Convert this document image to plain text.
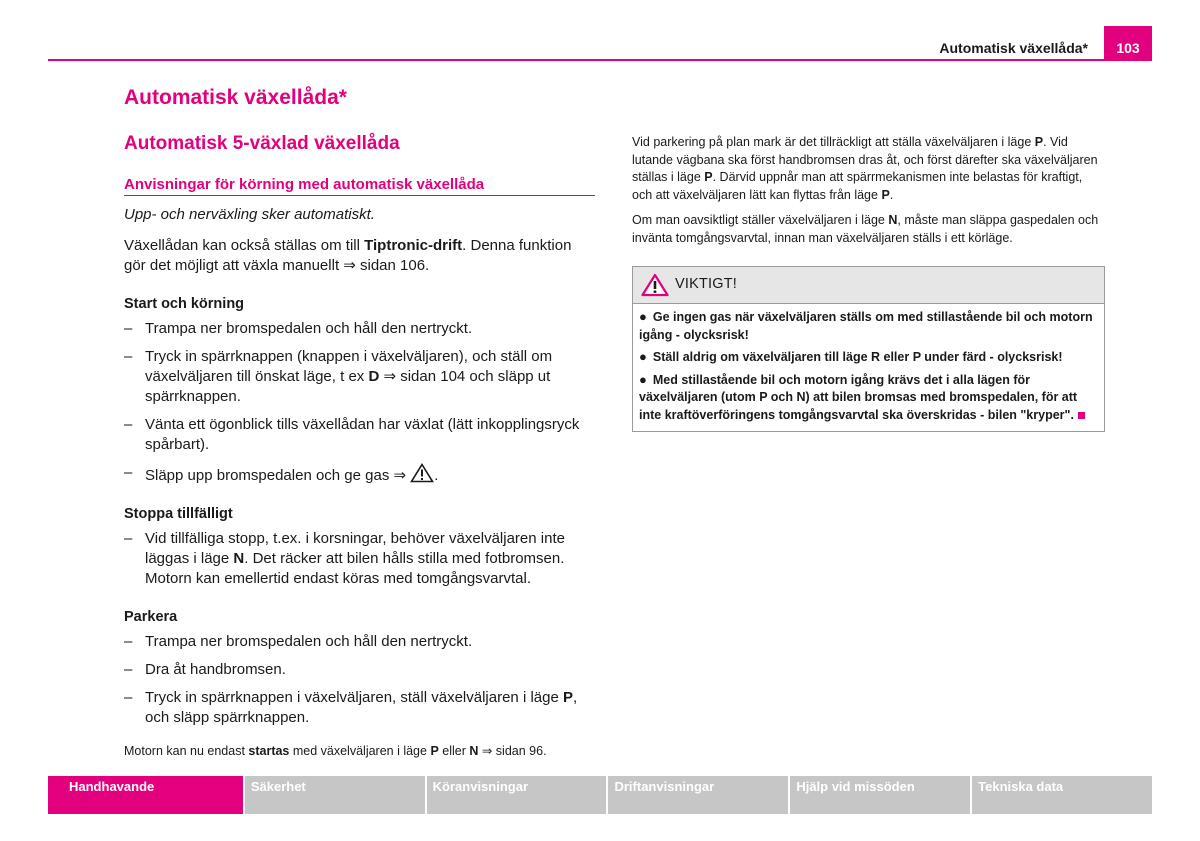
Automatisk växellåda* 103
Automatisk växellåda*
Automatisk 5-växlad växellåda
Anvisningar för körning med automatisk växellåda

Upp- och nerväxling sker automatiskt.

Växellådan kan också ställas om till Tiptronic-drift. Denna funktion gör det möjligt att växla manuellt ⇒ sidan 106.

Start och körning

– Trampa ner bromspedalen och håll den nertryckt.

– Tryck in spärrknappen (knappen i växelväljaren), och ställ om växelväljaren till önskat läge, t ex D ⇒ sidan 104 och släpp ut spärrknappen.

– Vänta ett ögonblick tills växellådan har växlat (lätt inkopplingsryck spårbart).

– Släpp upp bromspedalen och ge gas ⇒ .

Stoppa tillfälligt

– Vid tillfälliga stopp, t.ex. i korsningar, behöver växelväljaren inte läggas i läge N. Det räcker att bilen hålls stilla med fotbromsen. Motorn kan emellertid endast köras med tomgångsvarvtal.

Parkera

– Trampa ner bromspedalen och håll den nertryckt.

– Dra åt handbromsen.

– Tryck in spärrknappen i växelväljaren, ställ växelväljaren i läge P, och släpp spärrknappen.

Motorn kan nu endast startas med växelväljaren i läge P eller N ⇒ sidan 96.

Vid parkering på plan mark är det tillräckligt att ställa växelväljaren i läge P. Vid lutande vägbana ska först handbromsen dras åt, och först därefter ska växelväljaren ställas i läge P. Därvid uppnår man att spärrmekanismen inte belastas för kraftigt, och att växelväljaren lätt kan flyttas från läge P.

Om man oavsiktligt ställer växelväljaren i läge N, måste man släppa gaspedalen och invänta tomgångsvarvtal, innan man växelväljaren ställs i ett körläge.

VIKTIGT!
● Ge ingen gas när växelväljaren ställs om med stillastående bil och motorn igång - olycksrisk!
● Ställ aldrig om växelväljaren till läge R eller P under färd - olycksrisk!
● Med stillastående bil och motorn igång krävs det i alla lägen för växelväljaren (utom P och N) att bilen bromsas med bromspedalen, för att inte kraftöverföringens tomgångsvarvtal ska överskridas - bilen "kryper".
Handhavande	Säkerhet	Köranvisningar	Driftanvisningar	Hjälp vid missöden	Tekniska data
